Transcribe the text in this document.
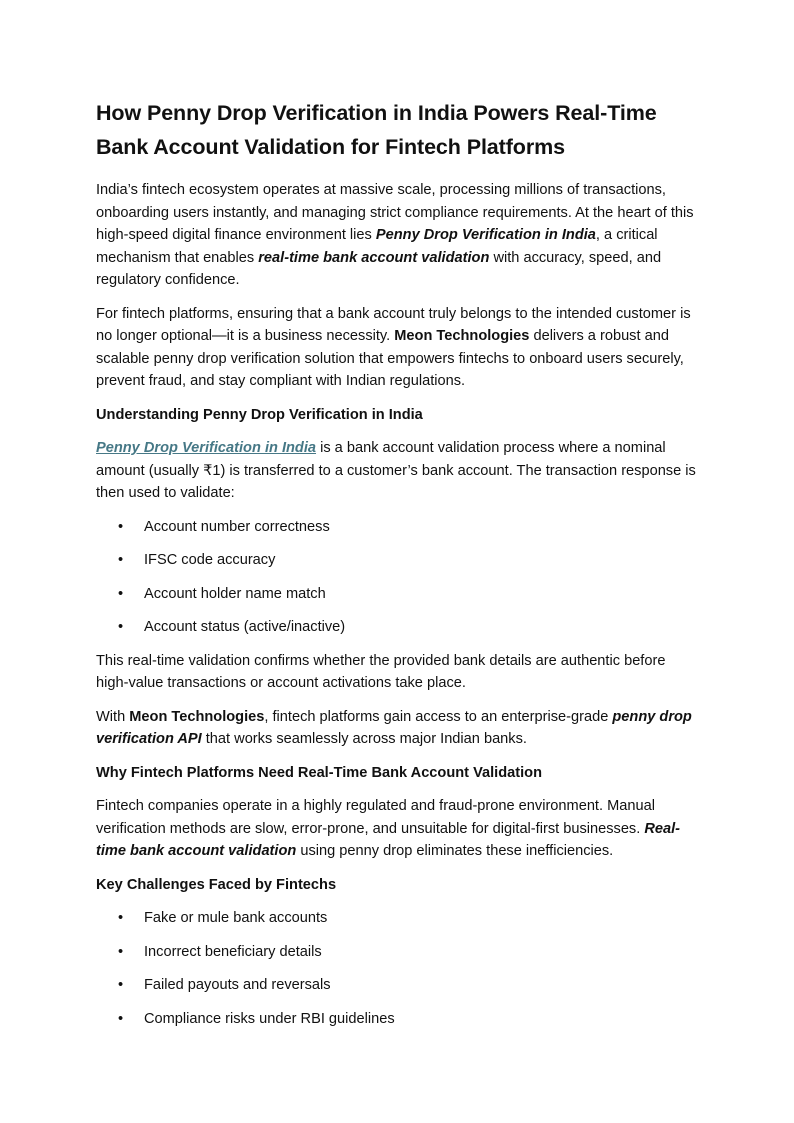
How Penny Drop Verification in India Powers Real-Time Bank Account Validation for Fintech Platforms

India’s fintech ecosystem operates at massive scale, processing millions of transactions, onboarding users instantly, and managing strict compliance requirements. At the heart of this high-speed digital finance environment lies Penny Drop Verification in India, a critical mechanism that enables real-time bank account validation with accuracy, speed, and regulatory confidence.

For fintech platforms, ensuring that a bank account truly belongs to the intended customer is no longer optional—it is a business necessity. Meon Technologies delivers a robust and scalable penny drop verification solution that empowers fintechs to onboard users securely, prevent fraud, and stay compliant with Indian regulations.

Understanding Penny Drop Verification in India

Penny Drop Verification in India is a bank account validation process where a nominal amount (usually ₹1) is transferred to a customer’s bank account. The transaction response is then used to validate:

• Account number correctness
• IFSC code accuracy
• Account holder name match
• Account status (active/inactive)

This real-time validation confirms whether the provided bank details are authentic before high-value transactions or account activations take place.

With Meon Technologies, fintech platforms gain access to an enterprise-grade penny drop verification API that works seamlessly across major Indian banks.

Why Fintech Platforms Need Real-Time Bank Account Validation

Fintech companies operate in a highly regulated and fraud-prone environment. Manual verification methods are slow, error-prone, and unsuitable for digital-first businesses. Real-time bank account validation using penny drop eliminates these inefficiencies.

Key Challenges Faced by Fintechs
• Fake or mule bank accounts
• Incorrect beneficiary details
• Failed payouts and reversals
• Compliance risks under RBI guidelines
